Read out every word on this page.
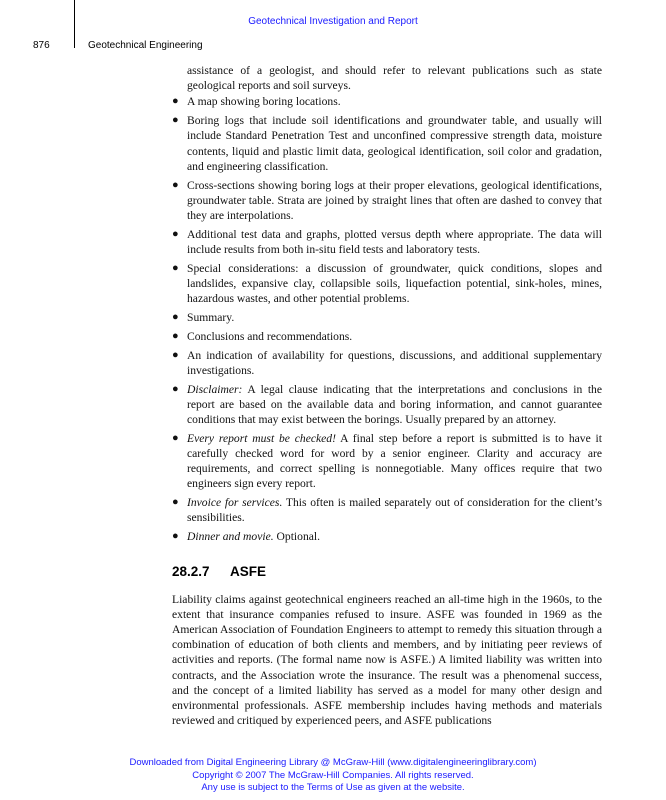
Geotechnical Investigation and Report
876	Geotechnical Engineering

assistance of a geologist, and should refer to relevant publications such as state geological reports and soil surveys.

● A map showing boring locations.
● Boring logs that include soil identifications and groundwater table, and usually will include Standard Penetration Test and unconfined compressive strength data, moisture contents, liquid and plastic limit data, geological identification, soil color and gradation, and engineering classification.
● Cross-sections showing boring logs at their proper elevations, geological identifications, groundwater table. Strata are joined by straight lines that often are dashed to convey that they are interpolations.
● Additional test data and graphs, plotted versus depth where appropriate. The data will include results from both in-situ field tests and laboratory tests.
● Special considerations: a discussion of groundwater, quick conditions, slopes and landslides, expansive clay, collapsible soils, liquefaction potential, sink-holes, mines, hazardous wastes, and other potential problems.
● Summary.
● Conclusions and recommendations.
● An indication of availability for questions, discussions, and additional supplementary investigations.
● Disclaimer: A legal clause indicating that the interpretations and conclusions in the report are based on the available data and boring information, and cannot guarantee conditions that may exist between the borings. Usually prepared by an attorney.
● Every report must be checked! A final step before a report is submitted is to have it carefully checked word for word by a senior engineer. Clarity and accuracy are requirements, and correct spelling is nonnegotiable. Many offices require that two engineers sign every report.
● Invoice for services. This often is mailed separately out of consideration for the client’s sensibilities.
● Dinner and movie. Optional.
28.2.7 ASFE

Liability claims against geotechnical engineers reached an all-time high in the 1960s, to the extent that insurance companies refused to insure. ASFE was founded in 1969 as the American Association of Foundation Engineers to attempt to remedy this situation through a combination of education of both clients and members, and by initiating peer reviews of activities and reports. (The formal name now is ASFE.) A limited liability was written into contracts, and the Association wrote the insurance. The result was a phenomenal success, and the concept of a limited liability has served as a model for many other design and environmental professionals. ASFE membership includes having methods and materials reviewed and critiqued by experienced peers, and ASFE publications

Downloaded from Digital Engineering Library @ McGraw-Hill (www.digitalengineeringlibrary.com)
Copyright © 2007 The McGraw-Hill Companies. All rights reserved.
Any use is subject to the Terms of Use as given at the website.
